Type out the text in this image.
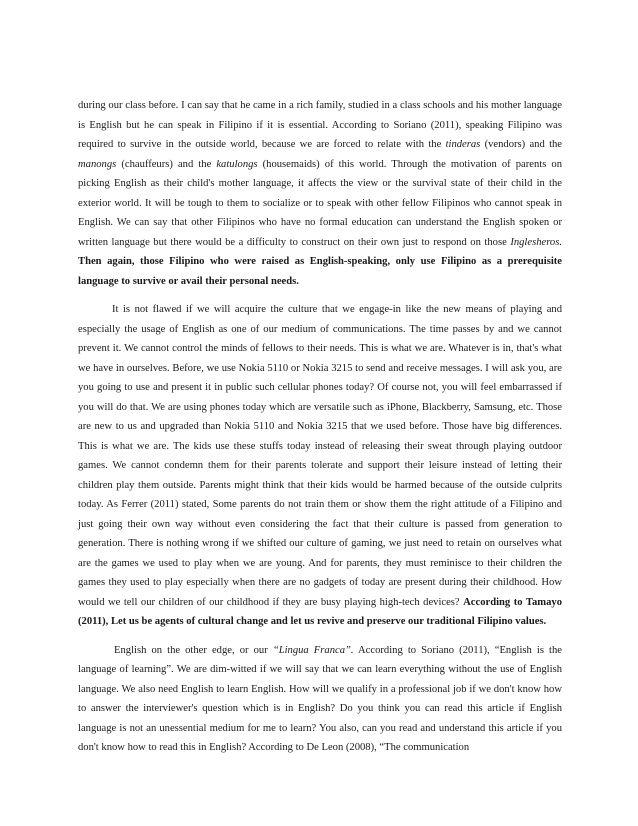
during our class before. I can say that he came in a rich family, studied in a class schools and his mother language is English but he can speak in Filipino if it is essential. According to Soriano (2011), speaking Filipino was required to survive in the outside world, because we are forced to relate with the tinderas (vendors) and the manongs (chauffeurs) and the katulongs (housemaids) of this world. Through the motivation of parents on picking English as their child's mother language, it affects the view or the survival state of their child in the exterior world. It will be tough to them to socialize or to speak with other fellow Filipinos who cannot speak in English. We can say that other Filipinos who have no formal education can understand the English spoken or written language but there would be a difficulty to construct on their own just to respond on those Inglesheros. Then again, those Filipino who were raised as English-speaking, only use Filipino as a prerequisite language to survive or avail their personal needs.

It is not flawed if we will acquire the culture that we engage-in like the new means of playing and especially the usage of English as one of our medium of communications. The time passes by and we cannot prevent it. We cannot control the minds of fellows to their needs. This is what we are. Whatever is in, that's what we have in ourselves. Before, we use Nokia 5110 or Nokia 3215 to send and receive messages. I will ask you, are you going to use and present it in public such cellular phones today? Of course not, you will feel embarrassed if you will do that. We are using phones today which are versatile such as iPhone, Blackberry, Samsung, etc. Those are new to us and upgraded than Nokia 5110 and Nokia 3215 that we used before. Those have big differences. This is what we are. The kids use these stuffs today instead of releasing their sweat through playing outdoor games. We cannot condemn them for their parents tolerate and support their leisure instead of letting their children play them outside. Parents might think that their kids would be harmed because of the outside culprits today. As Ferrer (2011) stated, Some parents do not train them or show them the right attitude of a Filipino and just going their own way without even considering the fact that their culture is passed from generation to generation. There is nothing wrong if we shifted our culture of gaming, we just need to retain on ourselves what are the games we used to play when we are young. And for parents, they must reminisce to their children the games they used to play especially when there are no gadgets of today are present during their childhood. How would we tell our children of our childhood if they are busy playing high-tech devices? According to Tamayo (2011), Let us be agents of cultural change and let us revive and preserve our traditional Filipino values.

English on the other edge, or our “Lingua Franca”. According to Soriano (2011), “English is the language of learning”. We are dim-witted if we will say that we can learn everything without the use of English language. We also need English to learn English. How will we qualify in a professional job if we don't know how to answer the interviewer's question which is in English? Do you think you can read this article if English language is not an unessential medium for me to learn? You also, can you read and understand this article if you don't know how to read this in English? According to De Leon (2008), “The communication
